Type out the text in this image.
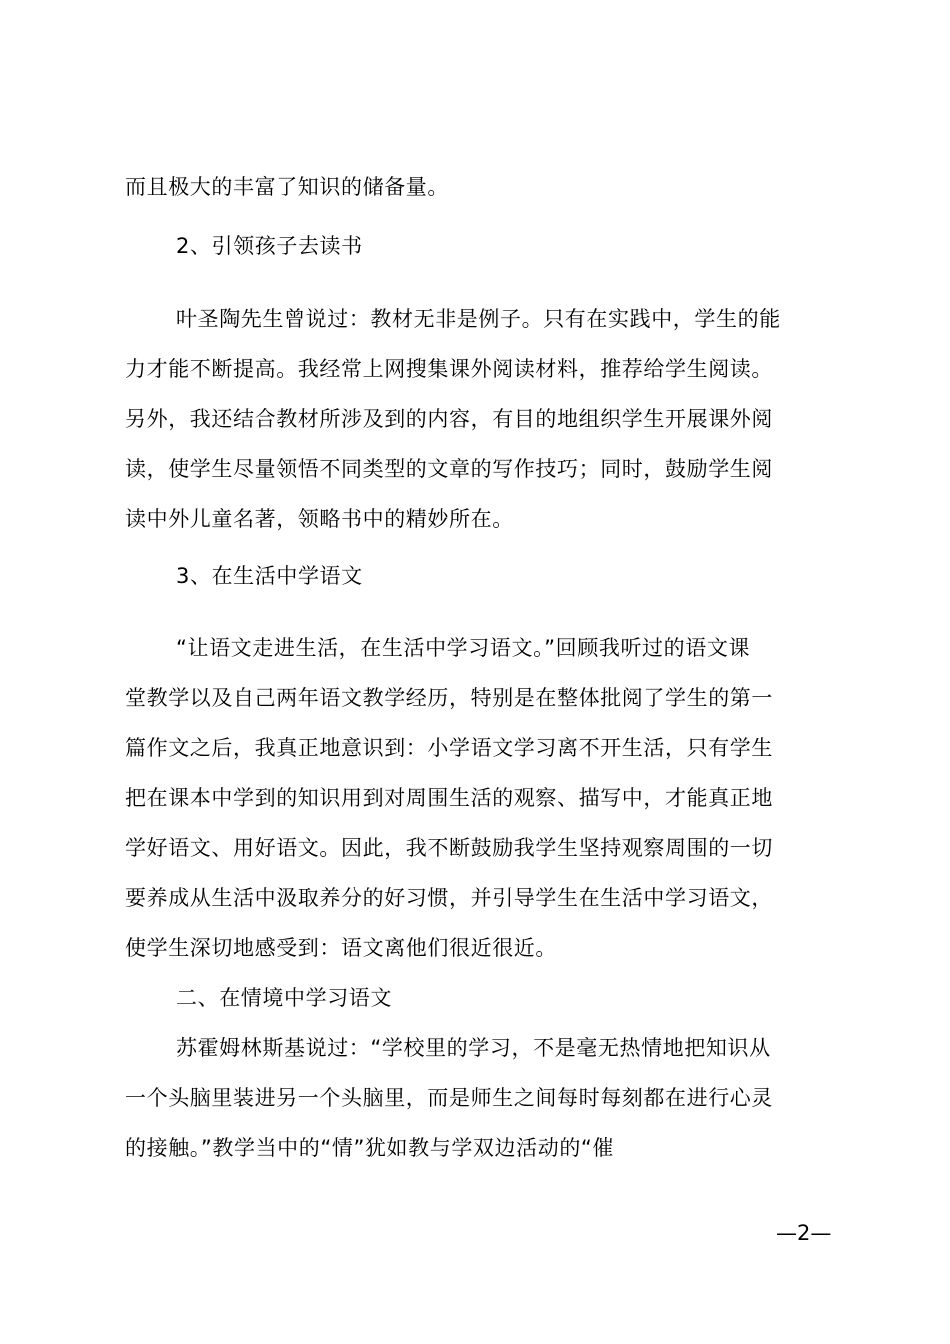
而且极大的丰富了知识的储备量。
2、引领孩子去读书
叶圣陶先生曾说过：教材无非是例子。只有在实践中，学生的能
力才能不断提高。我经常上网搜集课外阅读材料，推荐给学生阅读。
另外，我还结合教材所涉及到的内容，有目的地组织学生开展课外阅
读，使学生尽量领悟不同类型的文章的写作技巧；同时，鼓励学生阅
读中外儿童名著，领略书中的精妙所在。
3、在生活中学语文
“让语文走进生活，在生活中学习语文。”回顾我听过的语文课
堂教学以及自己两年语文教学经历，特别是在整体批阅了学生的第一
篇作文之后，我真正地意识到：小学语文学习离不开生活，只有学生
把在课本中学到的知识用到对周围生活的观察、描写中，才能真正地
学好语文、用好语文。因此，我不断鼓励我学生坚持观察周围的一切
要养成从生活中汲取养分的好习惯，并引导学生在生活中学习语文，
使学生深切地感受到：语文离他们很近很近。
二、在情境中学习语文
苏霍姆林斯基说过：“学校里的学习，不是毫无热情地把知识从
一个头脑里装进另一个头脑里，而是师生之间每时每刻都在进行心灵
的接触。”教学当中的“情”犹如教与学双边活动的“催
—2—
